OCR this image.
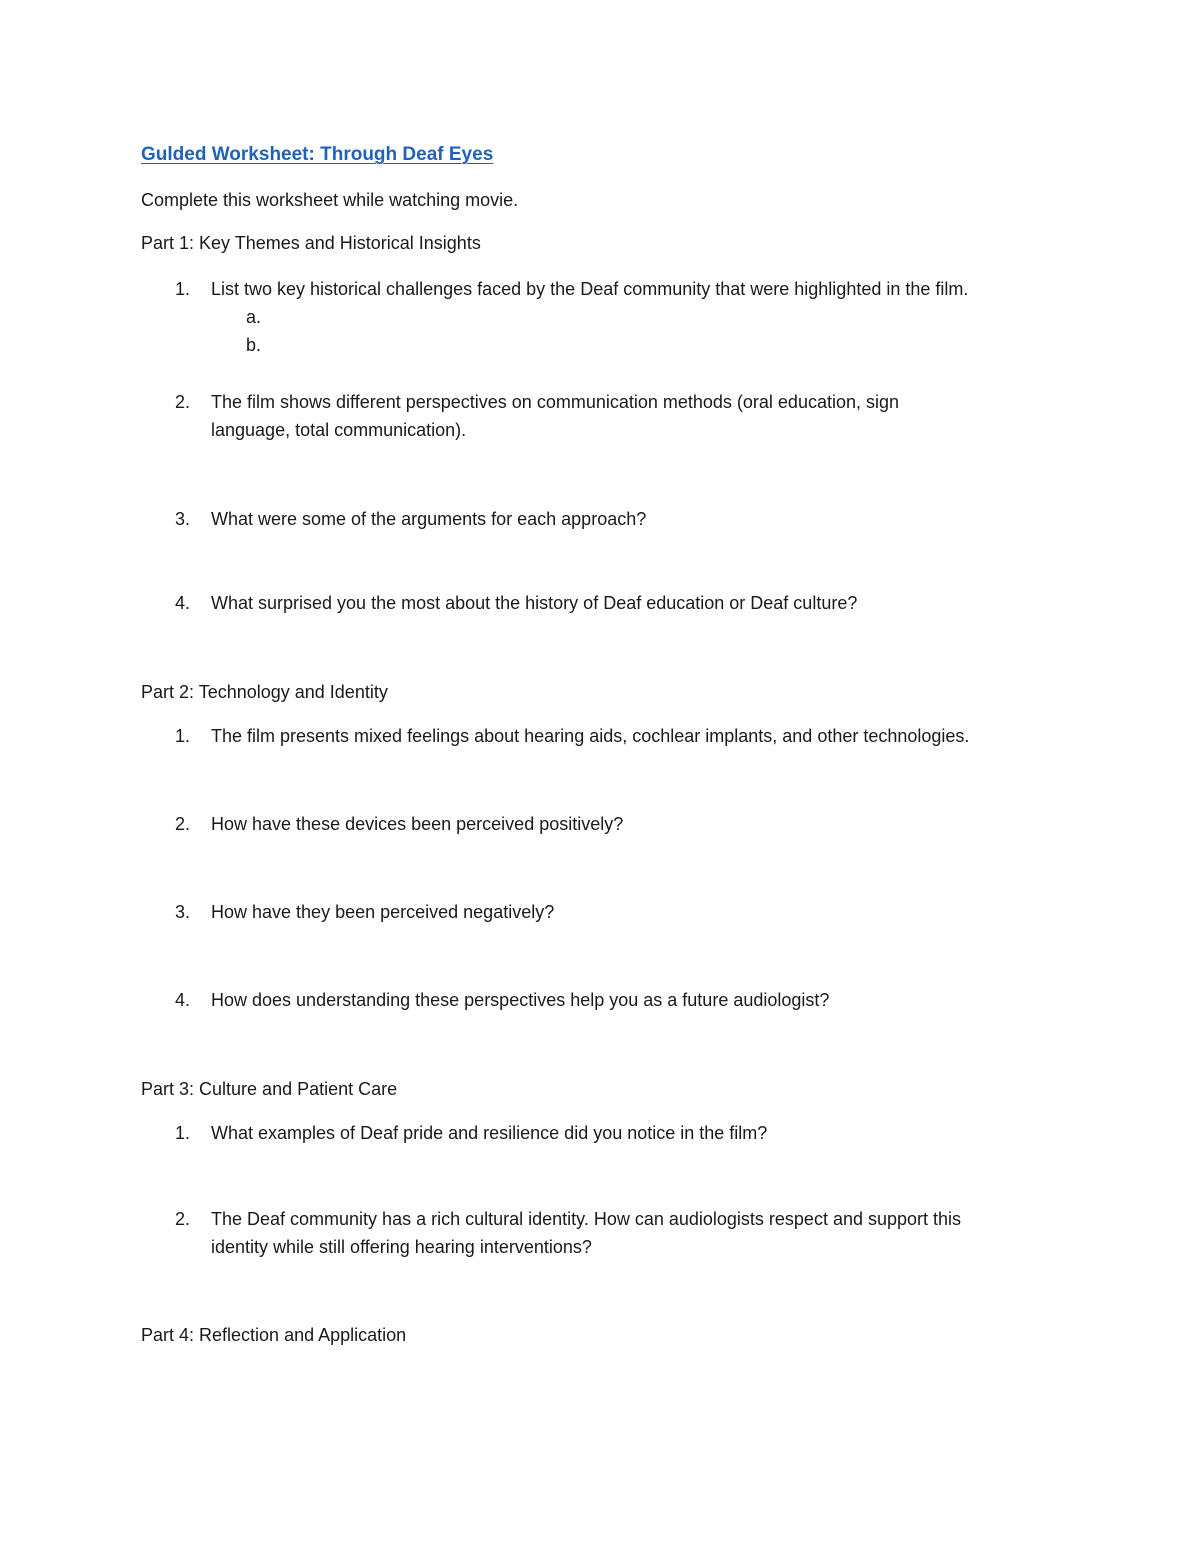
Gulded Worksheet: Through Deaf Eyes
Complete this worksheet while watching movie.
Part 1: Key Themes and Historical Insights
1. List two key historical challenges faced by the Deaf community that were highlighted in the film.
a.
b.
2. The film shows different perspectives on communication methods (oral education, sign
language, total communication).
3. What were some of the arguments for each approach?
4. What surprised you the most about the history of Deaf education or Deaf culture?
Part 2: Technology and Identity
1. The film presents mixed feelings about hearing aids, cochlear implants, and other technologies.
2. How have these devices been perceived positively?
3. How have they been perceived negatively?
4. How does understanding these perspectives help you as a future audiologist?
Part 3: Culture and Patient Care
1. What examples of Deaf pride and resilience did you notice in the film?
2. The Deaf community has a rich cultural identity. How can audiologists respect and support this
identity while still offering hearing interventions?
Part 4: Reflection and Application
